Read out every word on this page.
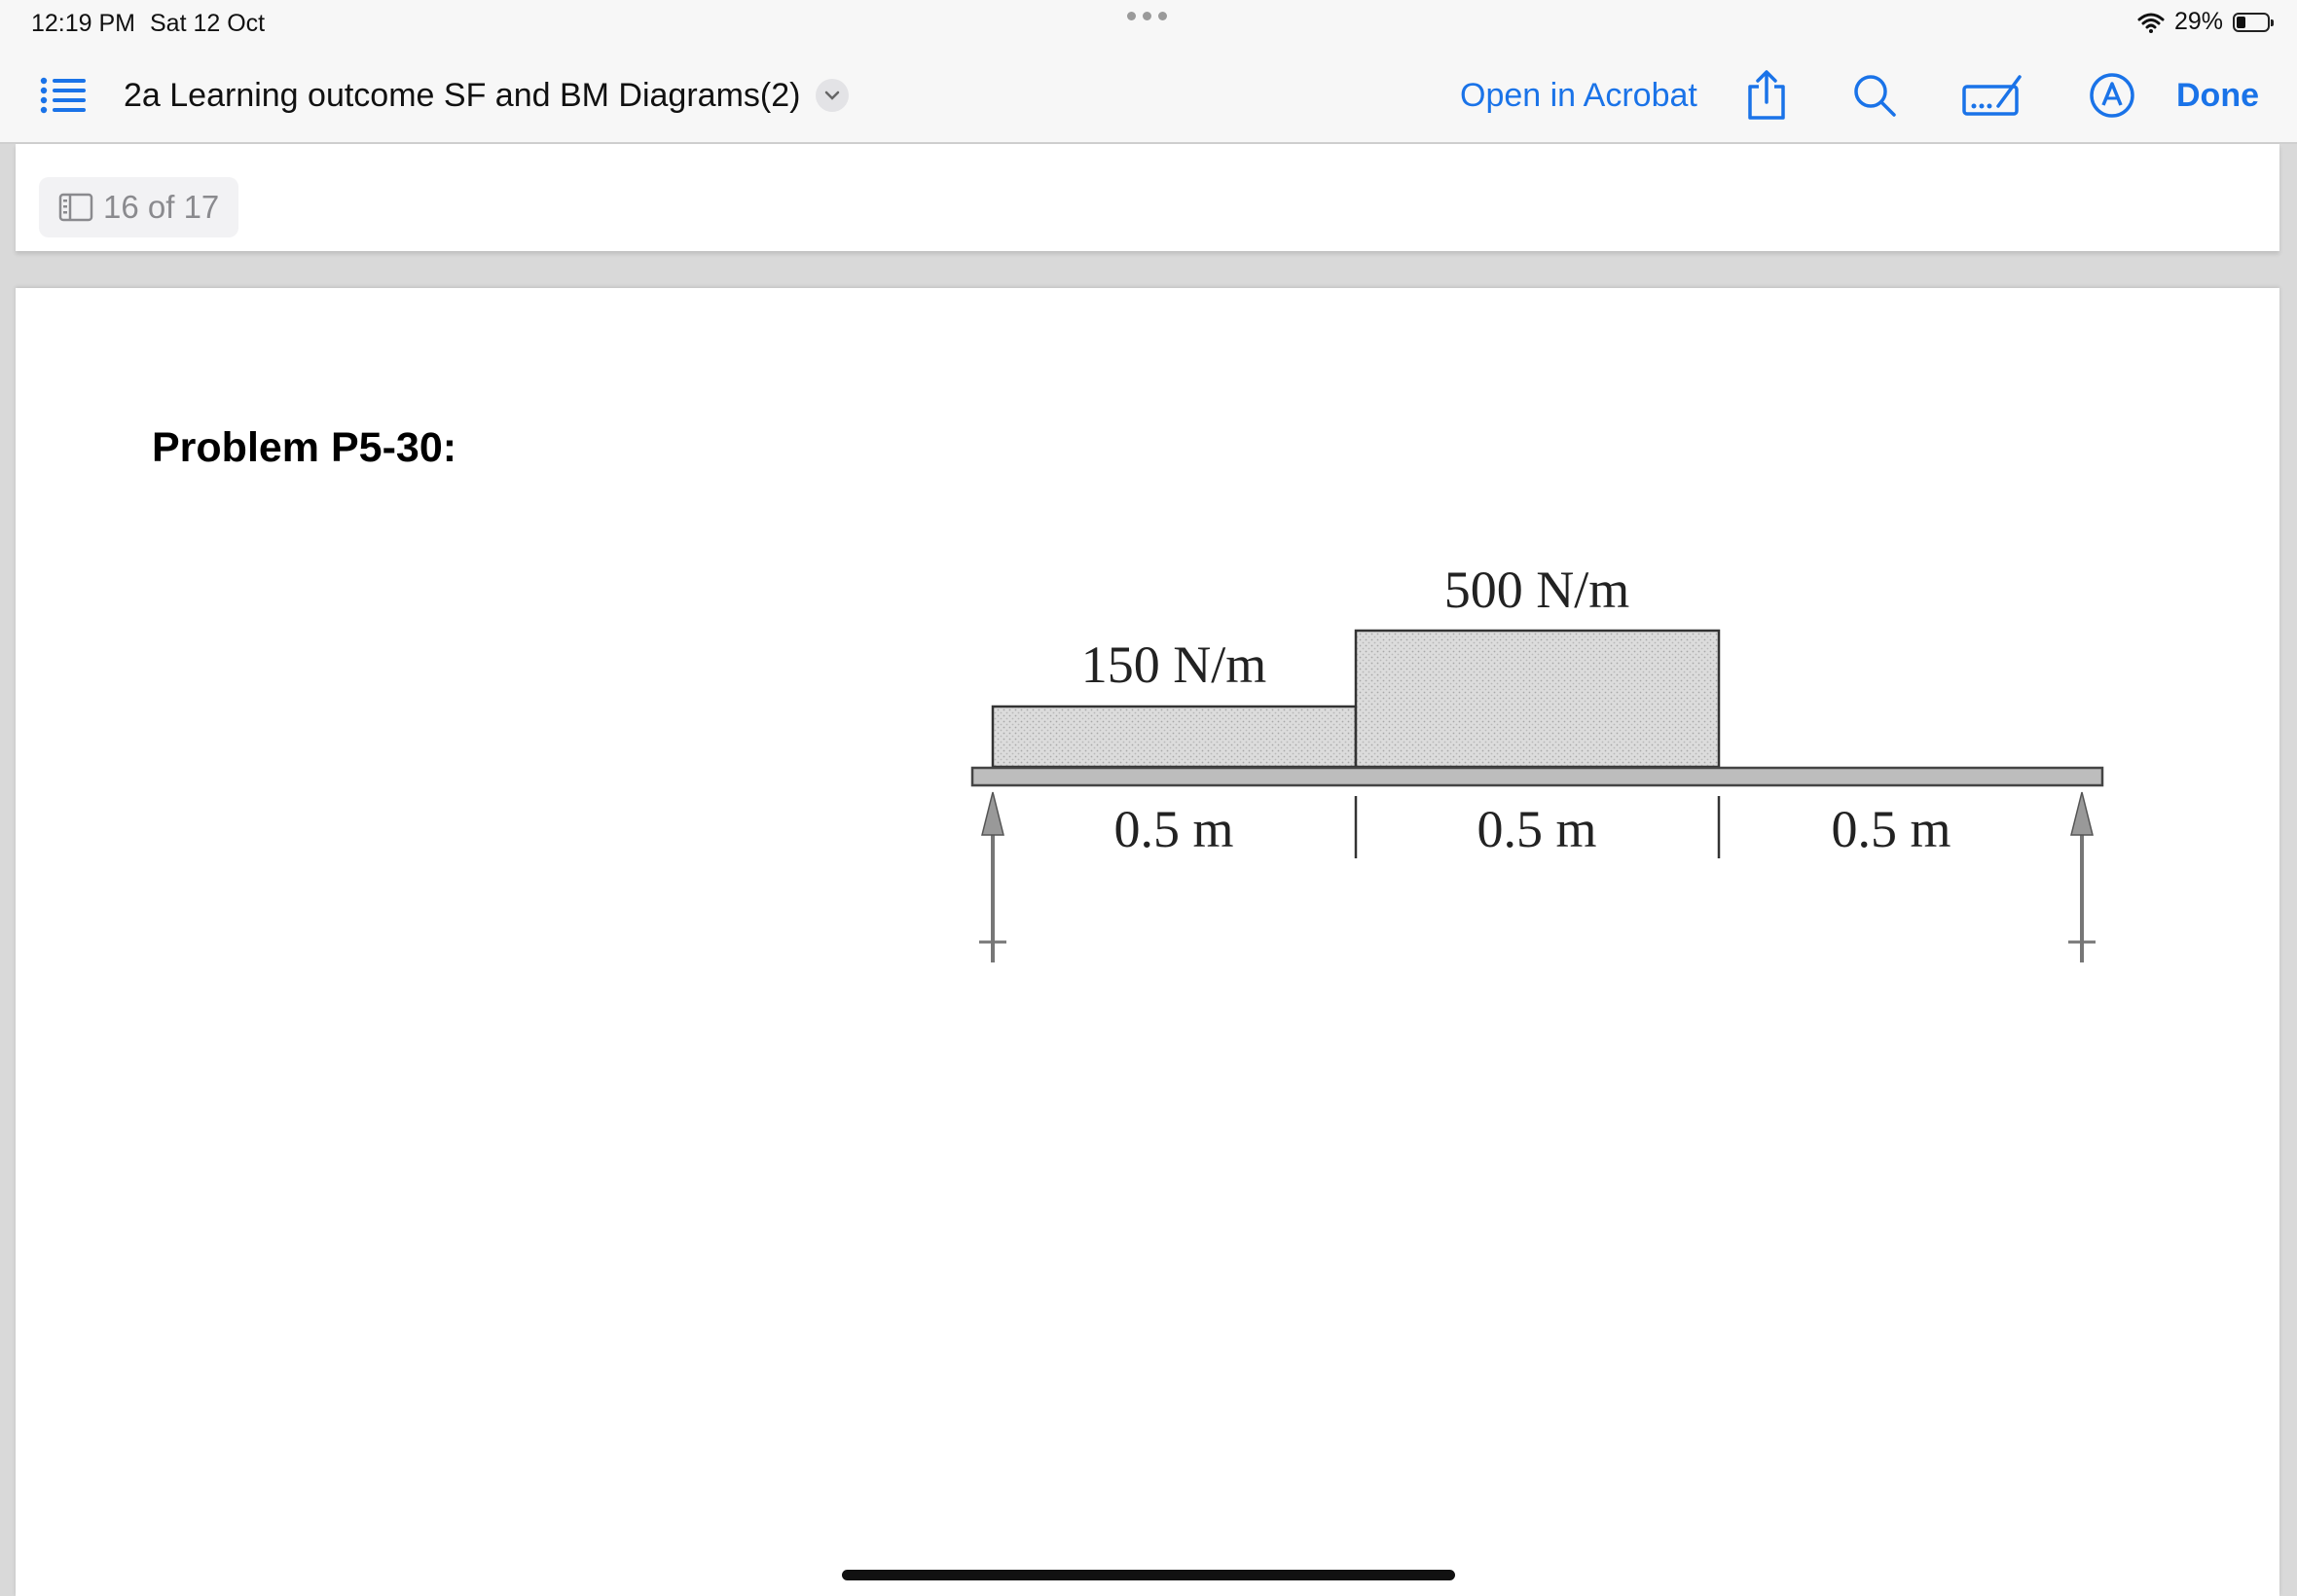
12:19 PM Sat 12 Oct	29%
2a Learning outcome SF and BM Diagrams(2)	Open in Acrobat	Done
16 of 17
Problem P5-30:
150 N/m
500 N/m
0.5 m	0.5 m	0.5 m
